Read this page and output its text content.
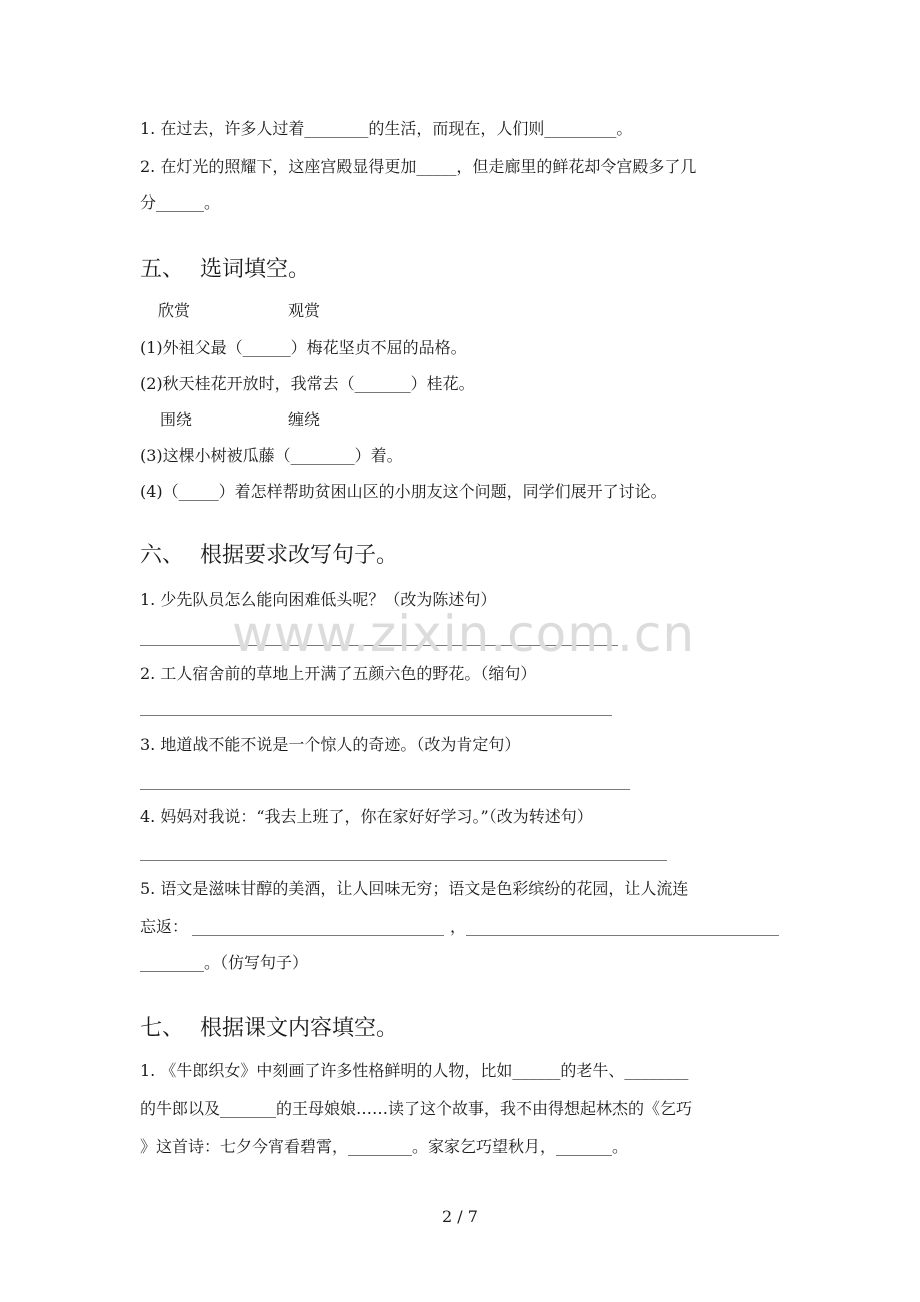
1. 在过去，许多人过着________的生活，而现在，人们则_________。
2. 在灯光的照耀下，这座宫殿显得更加_____，但走廊里的鲜花却令宫殿多了几
分______。
五、 选词填空。
欣赏	观赏
(1)外祖父最（______）梅花坚贞不屈的品格。
(2)秋天桂花开放时，我常去（_______）桂花。
围绕	缠绕
(3)这棵小树被瓜藤（________）着。
(4)（_____）着怎样帮助贫困山区的小朋友这个问题，同学们展开了讨论。
六、 根据要求改写句子。
1. 少先队员怎么能向困难低头呢？（改为陈述句）
2. 工人宿舍前的草地上开满了五颜六色的野花。（缩句）
3. 地道战不能不说是一个惊人的奇迹。（改为肯定句）
4. 妈妈对我说：“我去上班了，你在家好好学习。”（改为转述句）
5. 语文是滋味甘醇的美酒，让人回味无穷；语文是色彩缤纷的花园，让人流连
忘返：	，
________。（仿写句子）
www.zixin.com.cn
七、 根据课文内容填空。
1. 《牛郎织女》中刻画了许多性格鲜明的人物，比如______的老牛、________
的牛郎以及_______的王母娘娘……读了这个故事，我不由得想起林杰的《乞巧
》这首诗：七夕今宵看碧霄，________。家家乞巧望秋月，_______。
2 / 7
